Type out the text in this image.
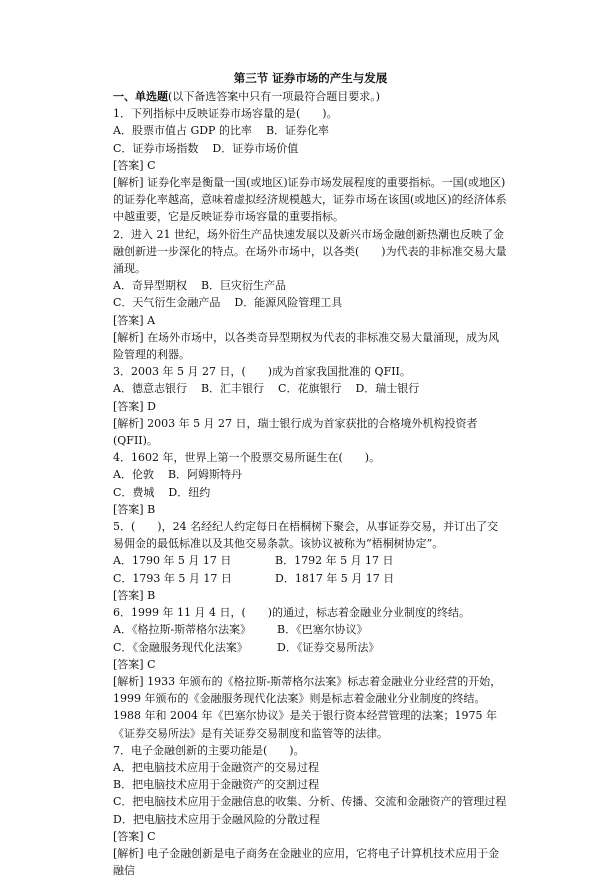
第三节 证券市场的产生与发展
一、单选题(以下备选答案中只有一项最符合题目要求。)
1．下列指标中反映证券市场容量的是(　　)。
A．股票市值占 GDP 的比率 B．证券化率
C．证券市场指数 D．证券市场价值
[答案] C
[解析] 证券化率是衡量一国(或地区)证券市场发展程度的重要指标。一国(或地区)的证券化率越高，意味着虚拟经济规模越大，证券市场在该国(或地区)的经济体系中越重要，它是反映证券市场容量的重要指标。
2．进入 21 世纪，场外衍生产品快速发展以及新兴市场金融创新热潮也反映了金融创新进一步深化的特点。在场外市场中，以各类(　　)为代表的非标准交易大量涌现。
A．奇异型期权 B．巨灾衍生产品
C．天气衍生金融产品 D．能源风险管理工具
[答案] A
[解析] 在场外市场中，以各类奇异型期权为代表的非标准交易大量涌现，成为风险管理的利器。
3．2003 年 5 月 27 日，(　　)成为首家我国批准的 QFII。
A．德意志银行 B．汇丰银行 C．花旗银行 D．瑞士银行
[答案] D
[解析] 2003 年 5 月 27 日，瑞士银行成为首家获批的合格境外机构投资者(QFII)。
4．1602 年，世界上第一个股票交易所诞生在(　　)。
A．伦敦 B．阿姆斯特丹
C．费城 D．纽约
[答案] B
5．(　　)，24 名经纪人约定每日在梧桐树下聚会，从事证券交易，并订出了交易佣金的最低标准以及其他交易条款。该协议被称为“梧桐树协定”。
A．1790 年 5 月 17 日	B．1792 年 5 月 17 日
C．1793 年 5 月 17 日	D．1817 年 5 月 17 日
[答案] B
6．1999 年 11 月 4 日，(　　)的通过，标志着金融业分业制度的终结。
A．《格拉斯-斯蒂格尔法案》	B．《巴塞尔协议》
C．《金融服务现代化法案》	D．《证券交易所法》
[答案] C
[解析] 1933 年颁布的《格拉斯-斯蒂格尔法案》标志着金融业分业经营的开始，1999 年颁布的《金融服务现代化法案》则是标志着金融业分业制度的终结。1988 年和 2004 年《巴塞尔协议》是关于银行资本经营管理的法案；1975 年《证券交易所法》是有关证券交易制度和监管等的法律。
7．电子金融创新的主要功能是(　　)。
A．把电脑技术应用于金融资产的交易过程
B．把电脑技术应用于金融资产的交割过程
C．把电脑技术应用于金融信息的收集、分析、传播、交流和金融资产的管理过程
D．把电脑技术应用于金融风险的分散过程
[答案] C
[解析] 电子金融创新是电子商务在金融业的应用，它将电子计算机技术应用于金融信
